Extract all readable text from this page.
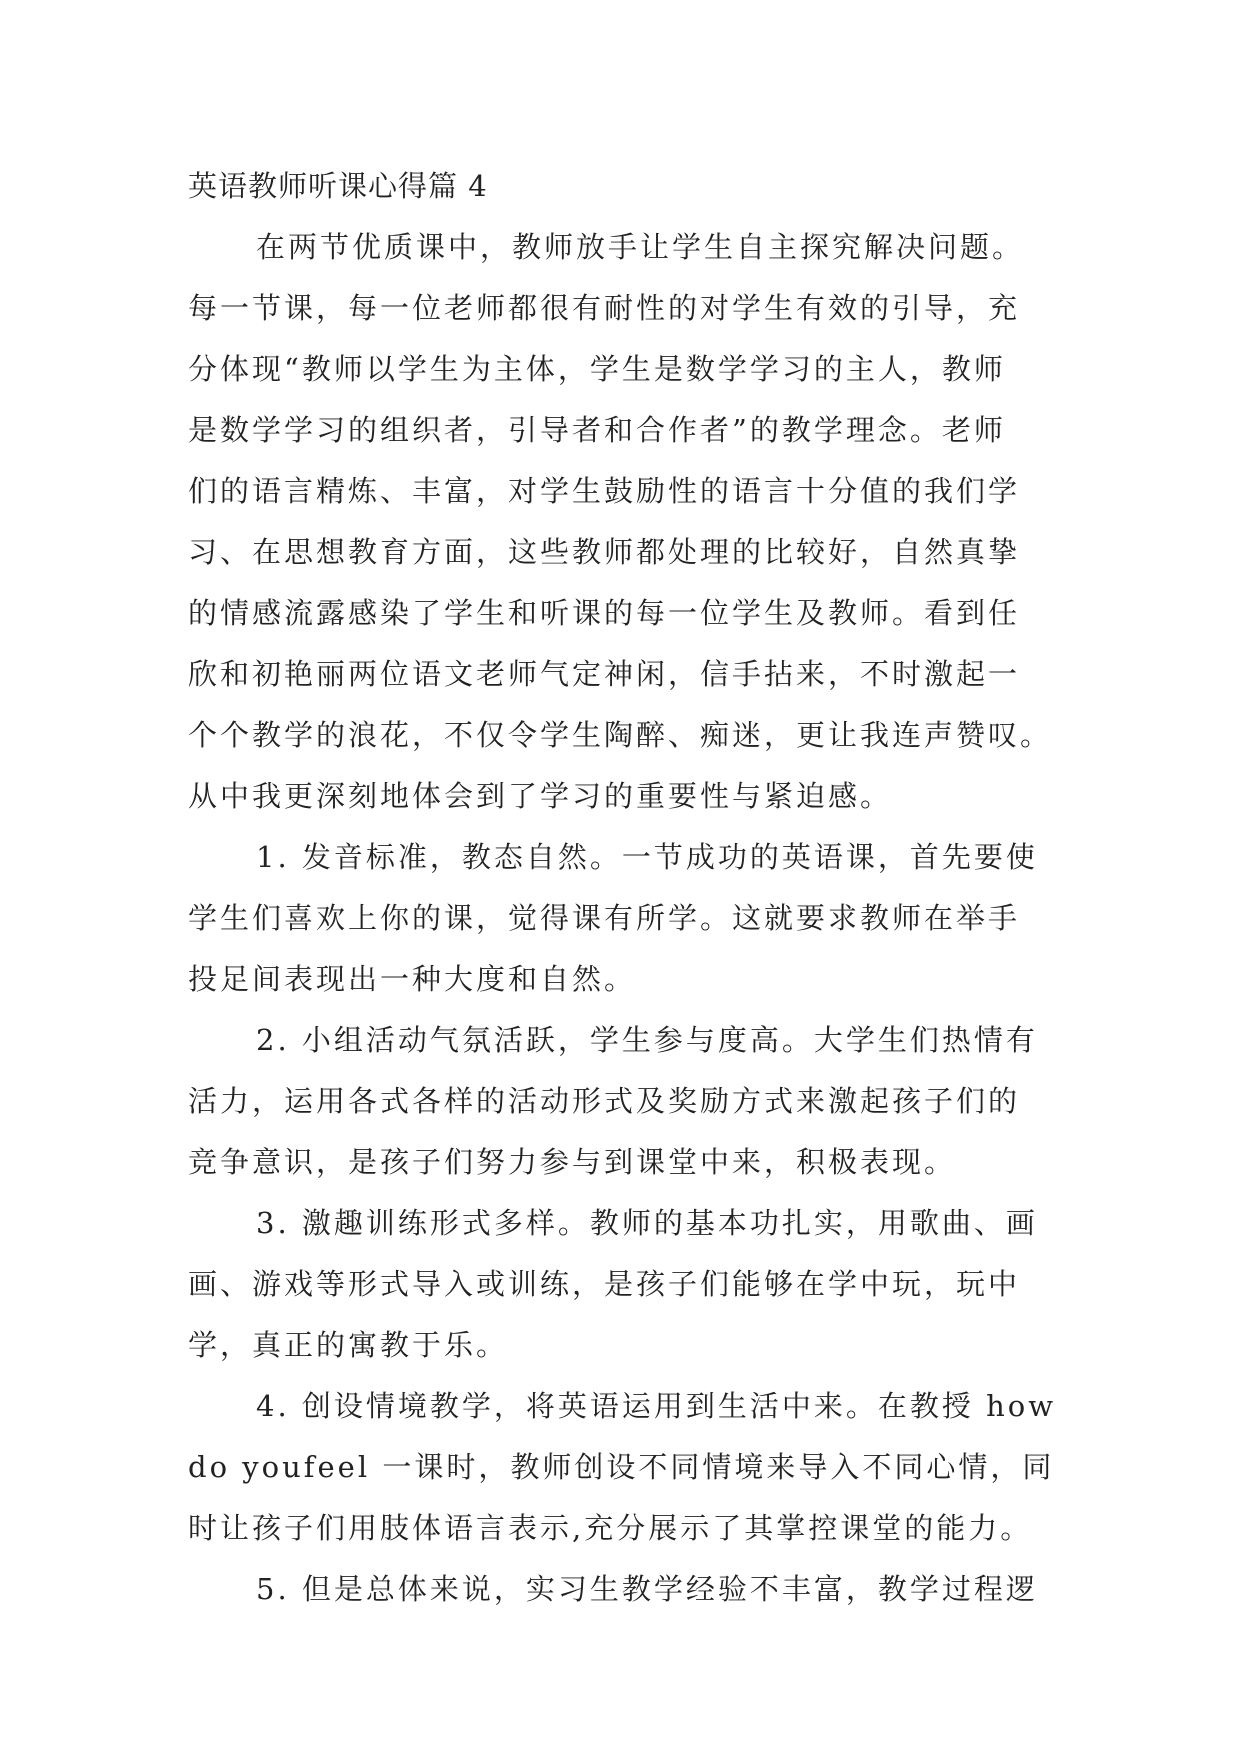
英语教师听课心得篇 4
在两节优质课中，教师放手让学生自主探究解决问题。
每一节课，每一位老师都很有耐性的对学生有效的引导，充
分体现“教师以学生为主体，学生是数学学习的主人，教师
是数学学习的组织者，引导者和合作者”的教学理念。老师
们的语言精炼、丰富，对学生鼓励性的语言十分值的我们学
习、在思想教育方面，这些教师都处理的比较好，自然真挚
的情感流露感染了学生和听课的每一位学生及教师。看到任
欣和初艳丽两位语文老师气定神闲，信手拈来，不时激起一
个个教学的浪花，不仅令学生陶醉、痴迷，更让我连声赞叹。
从中我更深刻地体会到了学习的重要性与紧迫感。
1. 发音标准，教态自然。一节成功的英语课，首先要使
学生们喜欢上你的课，觉得课有所学。这就要求教师在举手
投足间表现出一种大度和自然。
2. 小组活动气氛活跃，学生参与度高。大学生们热情有
活力，运用各式各样的活动形式及奖励方式来激起孩子们的
竞争意识，是孩子们努力参与到课堂中来，积极表现。
3. 激趣训练形式多样。教师的基本功扎实，用歌曲、画
画、游戏等形式导入或训练，是孩子们能够在学中玩，玩中
学，真正的寓教于乐。
4. 创设情境教学，将英语运用到生活中来。在教授 how
do youfeel 一课时，教师创设不同情境来导入不同心情，同
时让孩子们用肢体语言表示,充分展示了其掌控课堂的能力。
5. 但是总体来说，实习生教学经验不丰富，教学过程逻
